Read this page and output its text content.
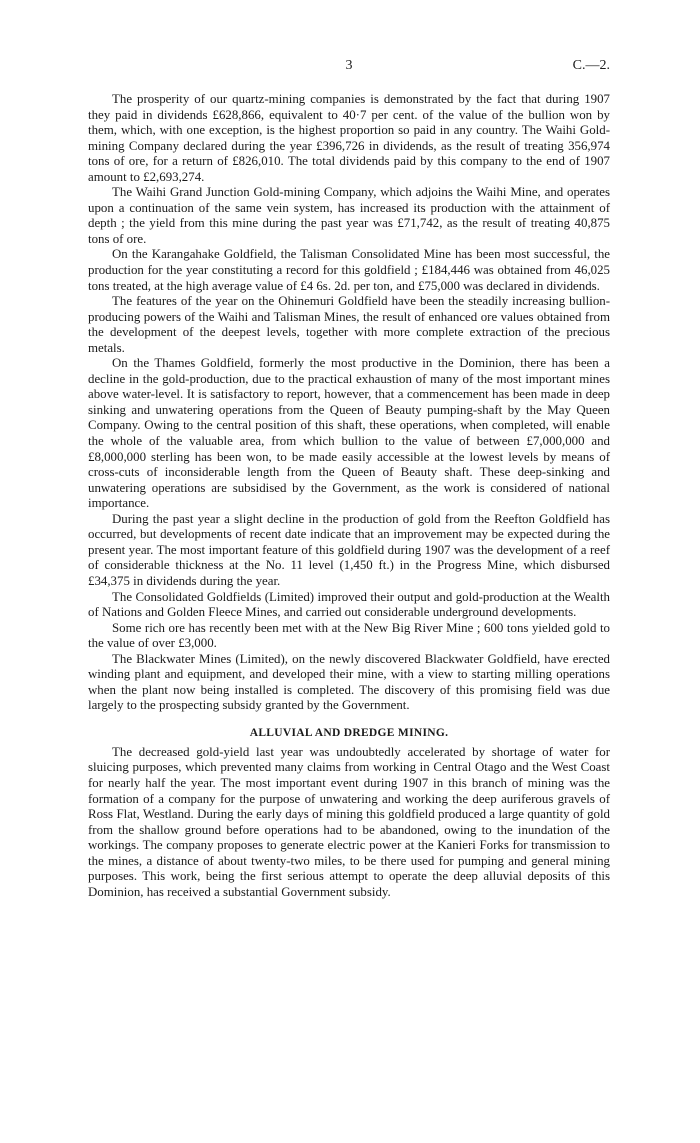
3	C.—2.

The prosperity of our quartz-mining companies is demonstrated by the fact that during 1907 they paid in dividends £628,866, equivalent to 40·7 per cent. of the value of the bullion won by them, which, with one exception, is the highest proportion so paid in any country. The Waihi Gold-mining Company declared during the year £396,726 in dividends, as the result of treating 356,974 tons of ore, for a return of £826,010. The total dividends paid by this company to the end of 1907 amount to £2,693,274.

The Waihi Grand Junction Gold-mining Company, which adjoins the Waihi Mine, and operates upon a continuation of the same vein system, has increased its production with the attainment of depth ; the yield from this mine during the past year was £71,742, as the result of treating 40,875 tons of ore.

On the Karangahake Goldfield, the Talisman Consolidated Mine has been most successful, the production for the year constituting a record for this goldfield ; £184,446 was obtained from 46,025 tons treated, at the high average value of £4 6s. 2d. per ton, and £75,000 was declared in dividends.

The features of the year on the Ohinemuri Goldfield have been the steadily increasing bullion-producing powers of the Waihi and Talisman Mines, the result of enhanced ore values obtained from the development of the deepest levels, together with more complete extraction of the precious metals.

On the Thames Goldfield, formerly the most productive in the Dominion, there has been a decline in the gold-production, due to the practical exhaustion of many of the most important mines above water-level. It is satisfactory to report, however, that a commencement has been made in deep sinking and unwatering operations from the Queen of Beauty pumping-shaft by the May Queen Company. Owing to the central position of this shaft, these operations, when completed, will enable the whole of the valuable area, from which bullion to the value of between £7,000,000 and £8,000,000 sterling has been won, to be made easily accessible at the lowest levels by means of cross-cuts of inconsiderable length from the Queen of Beauty shaft. These deep-sinking and unwatering operations are subsidised by the Government, as the work is considered of national importance.

During the past year a slight decline in the production of gold from the Reefton Goldfield has occurred, but developments of recent date indicate that an improvement may be expected during the present year. The most important feature of this goldfield during 1907 was the development of a reef of considerable thickness at the No. 11 level (1,450 ft.) in the Progress Mine, which disbursed £34,375 in dividends during the year.

The Consolidated Goldfields (Limited) improved their output and gold-production at the Wealth of Nations and Golden Fleece Mines, and carried out considerable underground developments.

Some rich ore has recently been met with at the New Big River Mine ; 600 tons yielded gold to the value of over £3,000.

The Blackwater Mines (Limited), on the newly discovered Blackwater Goldfield, have erected winding plant and equipment, and developed their mine, with a view to starting milling operations when the plant now being installed is completed. The discovery of this promising field was due largely to the prospecting subsidy granted by the Government.

ALLUVIAL AND DREDGE MINING.

The decreased gold-yield last year was undoubtedly accelerated by shortage of water for sluicing purposes, which prevented many claims from working in Central Otago and the West Coast for nearly half the year. The most important event during 1907 in this branch of mining was the formation of a company for the purpose of unwatering and working the deep auriferous gravels of Ross Flat, Westland. During the early days of mining this goldfield produced a large quantity of gold from the shallow ground before operations had to be abandoned, owing to the inundation of the workings. The company proposes to generate electric power at the Kanieri Forks for transmission to the mines, a distance of about twenty-two miles, to be there used for pumping and general mining purposes. This work, being the first serious attempt to operate the deep alluvial deposits of this Dominion, has received a substantial Government subsidy.
